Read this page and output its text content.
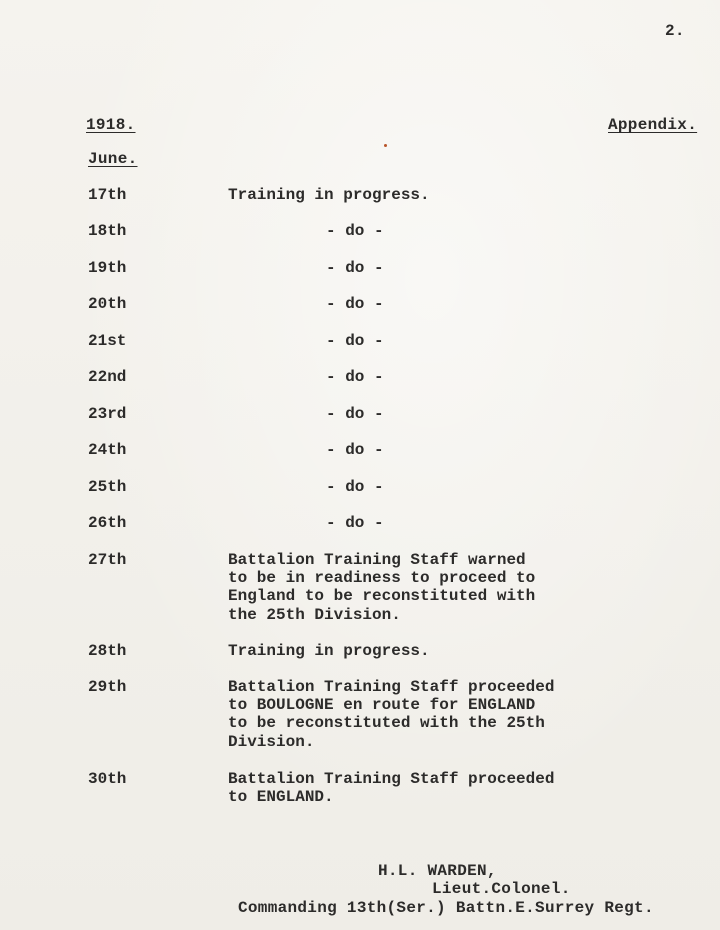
2.
1918.	Appendix.
June.
17th	Training in progress.
18th	- do -
19th	- do -
20th	- do -
21st	- do -
22nd	- do -
23rd	- do -
24th	- do -
25th	- do -
26th	- do -
27th	Battalion Training Staff warned
to be in readiness to proceed to
England to be reconstituted with
the 25th Division.
28th	Training in progress.
29th	Battalion Training Staff proceeded
to BOULOGNE en route for ENGLAND
to be reconstituted with the 25th
Division.
30th	Battalion Training Staff proceeded
to ENGLAND.
H.L. WARDEN,
Lieut.Colonel.
Commanding 13th(Ser.) Battn.E.Surrey Regt.
